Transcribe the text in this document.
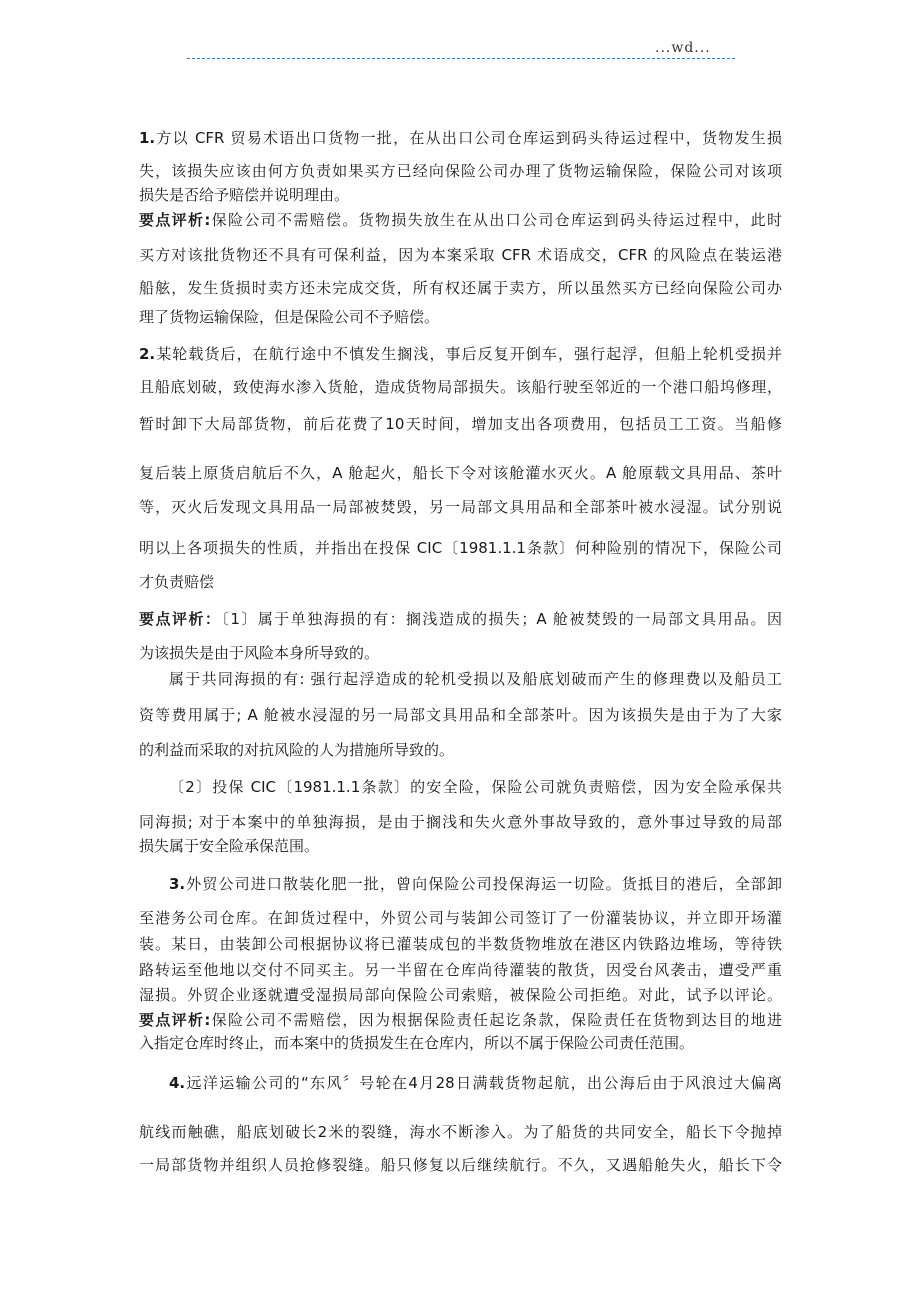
...wd...
1.方以 CFR 贸易术语出口货物一批，在从出口公司仓库运到码头待运过程中，货物发生损
失，该损失应该由何方负责如果买方已经向保险公司办理了货物运输保险，保险公司对该项
损失是否给予赔偿并说明理由。
要点评析:保险公司不需赔偿。货物损失放生在从出口公司仓库运到码头待运过程中，此时
买方对该批货物还不具有可保利益，因为本案采取 CFR 术语成交，CFR 的风险点在装运港
船舷，发生货损时卖方还未完成交货，所有权还属于卖方，所以虽然买方已经向保险公司办
理了货物运输保险，但是保险公司不予赔偿。
2.某轮载货后，在航行途中不慎发生搁浅，事后反复开倒车，强行起浮，但船上轮机受损并
且船底划破，致使海水渗入货舱，造成货物局部损失。该船行驶至邻近的一个港口船坞修理，
暂时卸下大局部货物，前后花费了10天时间，增加支出各项费用，包括员工工资。当船修
复后装上原货启航后不久，A 舱起火，船长下令对该舱灌水灭火。A 舱原载文具用品、茶叶
等，灭火后发现文具用品一局部被焚毁，另一局部文具用品和全部茶叶被水浸湿。试分别说
明以上各项损失的性质，并指出在投保 CIC〔1981.1.1条款〕何种险别的情况下，保险公司
才负责赔偿
要点评析：〔1〕属于单独海损的有：搁浅造成的损失；A 舱被焚毁的一局部文具用品。因
为该损失是由于风险本身所导致的。
属于共同海损的有: 强行起浮造成的轮机受损以及船底划破而产生的修理费以及船员工
资等费用属于; A 舱被水浸湿的另一局部文具用品和全部茶叶。因为该损失是由于为了大家
的利益而采取的对抗风险的人为措施所导致的。
〔2〕投保 CIC〔1981.1.1条款〕的安全险，保险公司就负责赔偿，因为安全险承保共
同海损; 对于本案中的单独海损，是由于搁浅和失火意外事故导致的，意外事过导致的局部
损失属于安全险承保范围。
3.外贸公司进口散装化肥一批，曾向保险公司投保海运一切险。货抵目的港后，全部卸
至港务公司仓库。在卸货过程中，外贸公司与装卸公司签订了一份灌装协议，并立即开场灌
装。某日，由装卸公司根据协议将已灌装成包的半数货物堆放在港区内铁路边堆场，等待铁
路转运至他地以交付不同买主。另一半留在仓库尚待灌装的散货，因受台风袭击，遭受严重
湿损。外贸企业逐就遭受湿损局部向保险公司索赔，被保险公司拒绝。对此，试予以评论。
要点评析:保险公司不需赔偿，因为根据保险责任起讫条款，保险责任在货物到达目的地进
入指定仓库时终止，而本案中的货损发生在仓库内，所以不属于保险公司责任范围。
4.远洋运输公司的“东风〞号轮在4月28日满载货物起航，出公海后由于风浪过大偏离
航线而触礁，船底划破长2米的裂缝，海水不断渗入。为了船货的共同安全，船长下令抛掉
一局部货物并组织人员抢修裂缝。船只修复以后继续航行。不久，又遇船舱失火，船长下令
